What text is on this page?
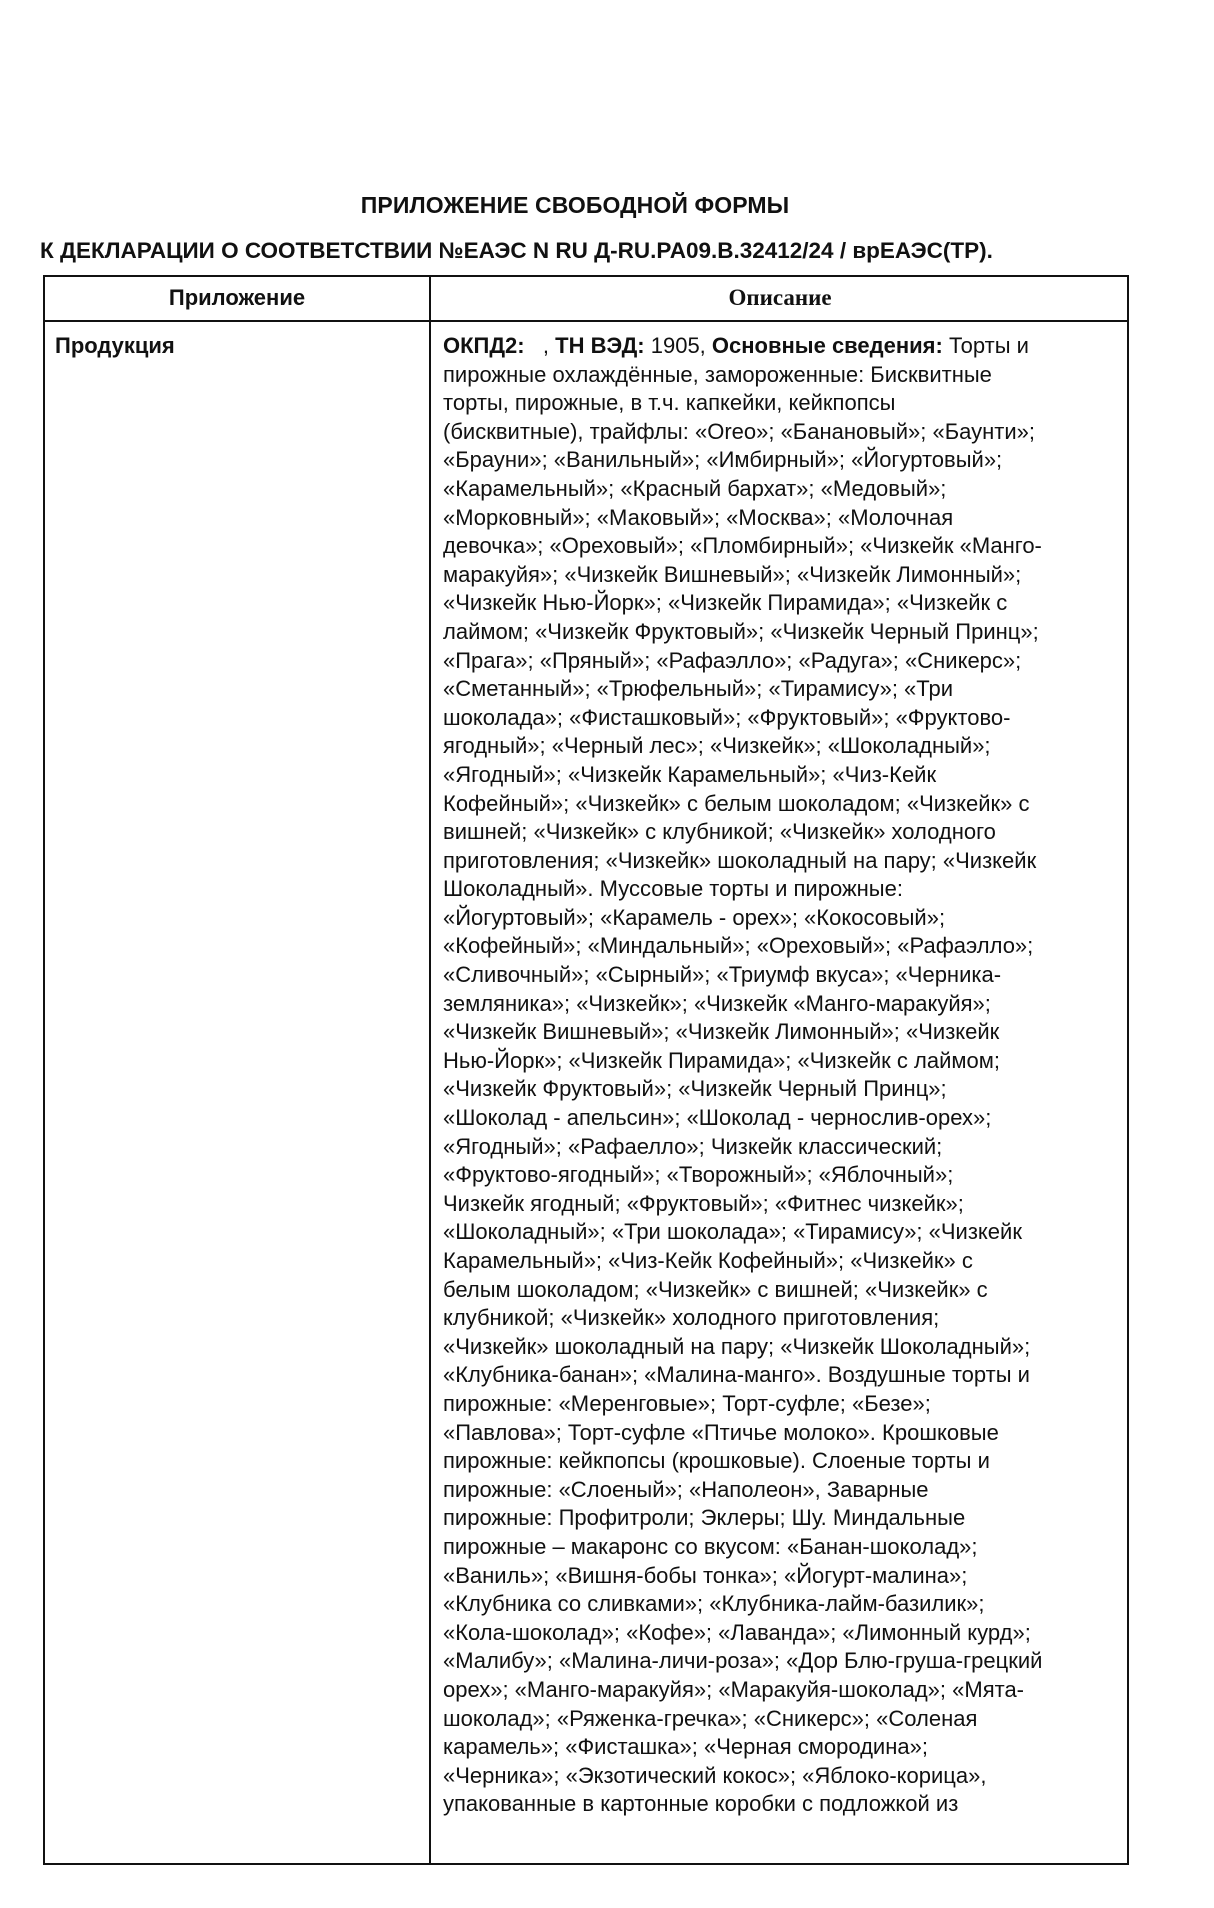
ПРИЛОЖЕНИЕ СВОБОДНОЙ ФОРМЫ
К ДЕКЛАРАЦИИ О СООТВЕТСТВИИ №ЕАЭС N RU Д-RU.PA09.B.32412/24 / врЕАЭС(ТР).
Приложение	Описание
Продукция	ОКПД2:   , ТН ВЭД: 1905, Основные сведения: Торты и
пирожные охлаждённые, замороженные: Бисквитные
торты, пирожные, в т.ч. капкейки, кейкпопсы
(бисквитные), трайфлы: «Oreo»; «Банановый»; «Баунти»;
«Брауни»; «Ванильный»; «Имбирный»; «Йогуртовый»;
«Карамельный»; «Красный бархат»; «Медовый»;
«Морковный»; «Маковый»; «Москва»; «Молочная
девочка»; «Ореховый»; «Пломбирный»; «Чизкейк «Манго-
маракуйя»; «Чизкейк Вишневый»; «Чизкейк Лимонный»;
«Чизкейк Нью-Йорк»; «Чизкейк Пирамида»; «Чизкейк с
лаймом; «Чизкейк Фруктовый»; «Чизкейк Черный Принц»;
«Прага»; «Пряный»; «Рафаэлло»; «Радуга»; «Сникерс»;
«Сметанный»; «Трюфельный»; «Тирамису»; «Три
шоколада»; «Фисташковый»; «Фруктовый»; «Фруктово-
ягодный»; «Черный лес»; «Чизкейк»; «Шоколадный»;
«Ягодный»; «Чизкейк Карамельный»; «Чиз-Кейк
Кофейный»; «Чизкейк» с белым шоколадом; «Чизкейк» с
вишней; «Чизкейк» с клубникой; «Чизкейк» холодного
приготовления; «Чизкейк» шоколадный на пару; «Чизкейк
Шоколадный». Муссовые торты и пирожные:
«Йогуртовый»; «Карамель - орех»; «Кокосовый»;
«Кофейный»; «Миндальный»; «Ореховый»; «Рафаэлло»;
«Сливочный»; «Сырный»; «Триумф вкуса»; «Черника-
земляника»; «Чизкейк»; «Чизкейк «Манго-маракуйя»;
«Чизкейк Вишневый»; «Чизкейк Лимонный»; «Чизкейк
Нью-Йорк»; «Чизкейк Пирамида»; «Чизкейк с лаймом;
«Чизкейк Фруктовый»; «Чизкейк Черный Принц»;
«Шоколад - апельсин»; «Шоколад - чернослив-орех»;
«Ягодный»; «Рафаелло»; Чизкейк классический;
«Фруктово-ягодный»; «Творожный»; «Яблочный»;
Чизкейк ягодный; «Фруктовый»; «Фитнес чизкейк»;
«Шоколадный»; «Три шоколада»; «Тирамису»; «Чизкейк
Карамельный»; «Чиз-Кейк Кофейный»; «Чизкейк» с
белым шоколадом; «Чизкейк» с вишней; «Чизкейк» с
клубникой; «Чизкейк» холодного приготовления;
«Чизкейк» шоколадный на пару; «Чизкейк Шоколадный»;
«Клубника-банан»; «Малина-манго». Воздушные торты и
пирожные: «Меренговые»; Торт-суфле; «Безе»;
«Павлова»; Торт-суфле «Птичье молоко». Крошковые
пирожные: кейкпопсы (крошковые). Слоеные торты и
пирожные: «Слоеный»; «Наполеон», Заварные
пирожные: Профитроли; Эклеры; Шу. Миндальные
пирожные – макаронс со вкусом: «Банан-шоколад»;
«Ваниль»; «Вишня-бобы тонка»; «Йогурт-малина»;
«Клубника со сливками»; «Клубника-лайм-базилик»;
«Кола-шоколад»; «Кофе»; «Лаванда»; «Лимонный курд»;
«Малибу»; «Малина-личи-роза»; «Дор Блю-груша-грецкий
орех»; «Манго-маракуйя»; «Маракуйя-шоколад»; «Мята-
шоколад»; «Ряженка-гречка»; «Сникерс»; «Соленая
карамель»; «Фисташка»; «Черная смородина»;
«Черника»; «Экзотический кокос»; «Яблоко-корица»,
упакованные в картонные коробки с подложкой из
